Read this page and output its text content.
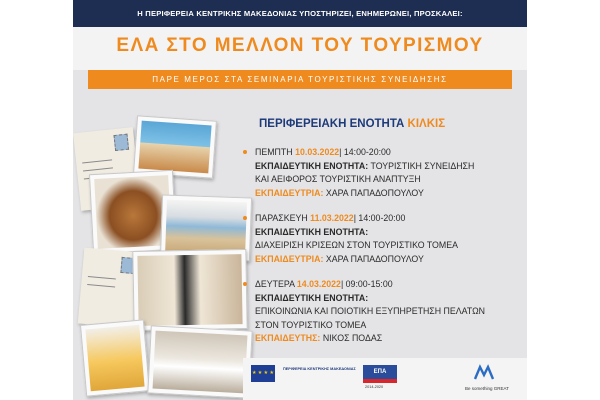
Η ΠΕΡΙΦΕΡΕΙΑ ΚΕΝΤΡΙΚΗΣ ΜΑΚΕΔΟΝΙΑΣ ΥΠΟΣΤΗΡΙΖΕΙ, ΕΝΗΜΕΡΩΝΕΙ, ΠΡΟΣΚΑΛΕΙ:
ΕΛΑ ΣΤΟ ΜΕΛΛΟΝ ΤΟΥ ΤΟΥΡΙΣΜΟΥ
ΠΑΡΕ ΜΕΡΟΣ ΣΤΑ ΣΕΜΙΝΑΡΙΑ ΤΟΥΡΙΣΤΙΚΗΣ ΣΥΝΕΙΔΗΣΗΣ
ΠΕΡΙΦΕΡΕΙΑΚΗ ΕΝΟΤΗΤΑ ΚΙΛΚΙΣ
ΠΕΜΠΤΗ 10.03.2022| 14:00-20:00
ΕΚΠΑΙΔΕΥΤΙΚΗ ΕΝΟΤΗΤΑ: ΤΟΥΡΙΣΤΙΚΗ ΣΥΝΕΙΔΗΣΗ
ΚΑΙ ΑΕΙΦΟΡΟΣ ΤΟΥΡΙΣΤΙΚΗ ΑΝΑΠΤΥΞΗ
ΕΚΠΑΙΔΕΥΤΡΙΑ: ΧΑΡΑ ΠΑΠΑΔΟΠΟΥΛΟΥ
ΠΑΡΑΣΚΕΥΗ 11.03.2022| 14:00-20:00
ΕΚΠΑΙΔΕΥΤΙΚΗ ΕΝΟΤΗΤΑ:
ΔΙΑΧΕΙΡΙΣΗ ΚΡΙΣΕΩΝ ΣΤΟΝ ΤΟΥΡΙΣΤΙΚΟ ΤΟΜΕΑ
ΕΚΠΑΙΔΕΥΤΡΙΑ: ΧΑΡΑ ΠΑΠΑΔΟΠΟΥΛΟΥ
ΔΕΥΤΕΡΑ 14.03.2022| 09:00-15:00
ΕΚΠΑΙΔΕΥΤΙΚΗ ΕΝΟΤΗΤΑ:
ΕΠΙΚΟΙΝΩΝΙΑ ΚΑΙ ΠΟΙΟΤΙΚΗ ΕΞΥΠΗΡΕΤΗΣΗ ΠΕΛΑΤΩΝ
ΣΤΟΝ ΤΟΥΡΙΣΤΙΚΟ ΤΟΜΕΑ
ΕΚΠΑΙΔΕΥΤΗΣ: ΝΙΚΟΣ ΠΟΔΑΣ
★ ★ ★ ★
ΠΕΡΙΦΕΡΕΙΑ ΚΕΝΤΡΙΚΗΣ ΜΑΚΕΔΟΝΙΑΣ	ΕΠΑ
2014-2020	Be something GREAT
